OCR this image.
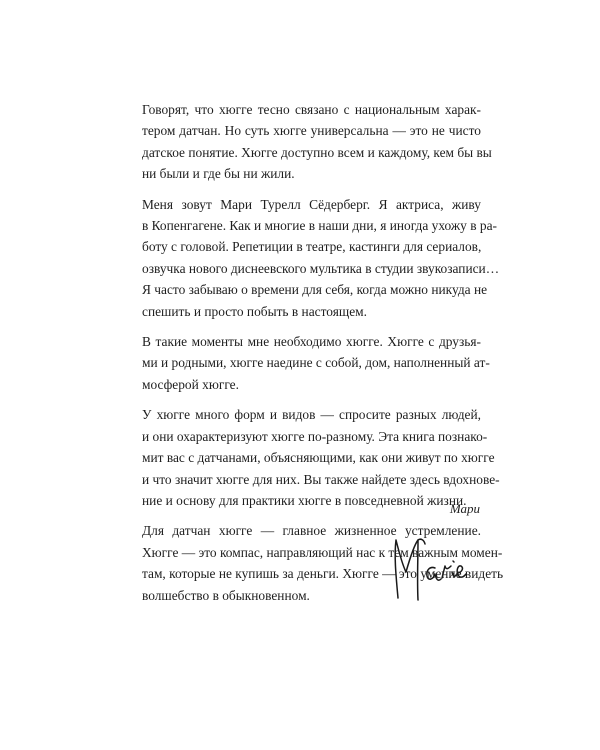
Говорят, что хюгге тесно связано с национальным харак-
тером датчан. Но суть хюгге универсальна — это не чисто
датское понятие. Хюгге доступно всем и каждому, кем бы вы
ни были и где бы ни жили.
Меня зовут Мари Турелл Сёдерберг. Я актриса, живу
в Копенгагене. Как и многие в наши дни, я иногда ухожу в ра-
боту с головой. Репетиции в театре, кастинги для сериалов,
озвучка нового диснеевского мультика в студии звукозаписи…
Я часто забываю о времени для себя, когда можно никуда не
спешить и просто побыть в настоящем.
В такие моменты мне необходимо хюгге. Хюгге с друзья-
ми и родными, хюгге наедине с собой, дом, наполненный ат-
мосферой хюгге.
У хюгге много форм и видов — спросите разных людей,
и они охарактеризуют хюгге по-разному. Эта книга познако-
мит вас с датчанами, объясняющими, как они живут по хюгге
и что значит хюгге для них. Вы также найдете здесь вдохнове-
ние и основу для практики хюгге в повседневной жизни.
Для датчан хюгге — главное жизненное устремление.
Хюгге — это компас, направляющий нас к тем важным момен-
там, которые не купишь за деньги. Хюгге — это умение видеть
волшебство в обыкновенном.
Мари
